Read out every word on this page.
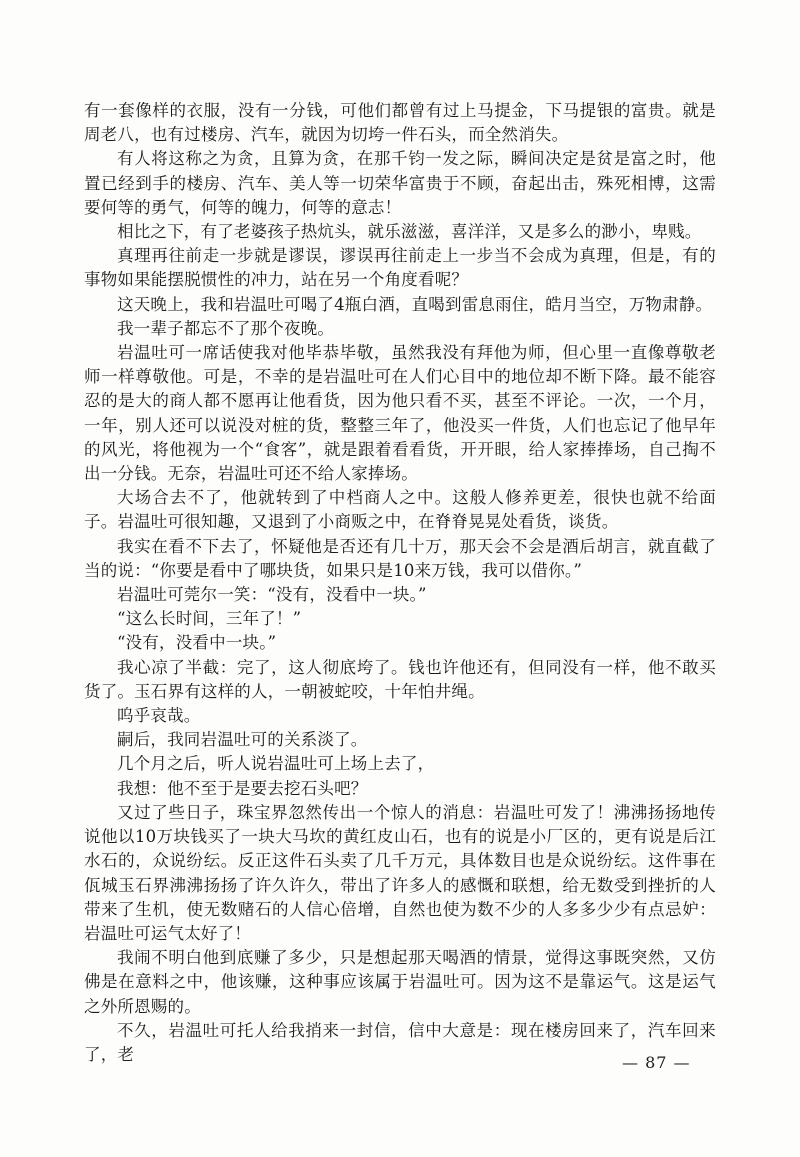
有一套像样的衣服，没有一分钱，可他们都曾有过上马提金，下马提银的富贵。就是周老八，也有过楼房、汽车，就因为切垮一件石头，而全然消失。

有人将这称之为贪，且算为贪，在那千钧一发之际，瞬间决定是贫是富之时，他置已经到手的楼房、汽车、美人等一切荣华富贵于不顾，奋起出击，殊死相博，这需要何等的勇气，何等的魄力，何等的意志！

相比之下，有了老婆孩子热炕头，就乐滋滋，喜洋洋，又是多么的渺小，卑贱。

真理再往前走一步就是谬误，谬误再往前走上一步当不会成为真理，但是，有的事物如果能摆脱惯性的冲力，站在另一个角度看呢？

这天晚上，我和岩温吐可喝了4瓶白酒，直喝到雷息雨住，皓月当空，万物肃静。

我一辈子都忘不了那个夜晚。

岩温吐可一席话使我对他毕恭毕敬，虽然我没有拜他为师，但心里一直像尊敬老师一样尊敬他。可是，不幸的是岩温吐可在人们心目中的地位却不断下降。最不能容忍的是大的商人都不愿再让他看货，因为他只看不买，甚至不评论。一次，一个月，一年，别人还可以说没对桩的货，整整三年了，他没买一件货，人们也忘记了他早年的风光，将他视为一个“食客”，就是跟着看看货，开开眼，给人家捧捧场，自己掏不出一分钱。无奈，岩温吐可还不给人家捧场。

大场合去不了，他就转到了中档商人之中。这般人修养更差，很快也就不给面子。岩温吐可很知趣，又退到了小商贩之中，在脊脊晃晃处看货，谈货。

我实在看不下去了，怀疑他是否还有几十万，那天会不会是酒后胡言，就直截了当的说：“你要是看中了哪块货，如果只是10来万钱，我可以借你。”

岩温吐可莞尔一笑：“没有，没看中一块。”

“这么长时间，三年了！”

“没有，没看中一块。”

我心凉了半截：完了，这人彻底垮了。钱也许他还有，但同没有一样，他不敢买货了。玉石界有这样的人，一朝被蛇咬，十年怕井绳。

呜乎哀哉。

嗣后，我同岩温吐可的关系淡了。

几个月之后，听人说岩温吐可上场上去了，

我想：他不至于是要去挖石头吧？

又过了些日子，珠宝界忽然传出一个惊人的消息：岩温吐可发了！沸沸扬扬地传说他以10万块钱买了一块大马坎的黄红皮山石，也有的说是小厂区的，更有说是后江水石的，众说纷纭。反正这件石头卖了几千万元，具体数目也是众说纷纭。这件事在佤城玉石界沸沸扬扬了许久许久，带出了许多人的感慨和联想，给无数受到挫折的人带来了生机，使无数赌石的人信心倍增，自然也使为数不少的人多多少少有点忌妒：岩温吐可运气太好了！

我闹不明白他到底赚了多少，只是想起那天喝酒的情景，觉得这事既突然，又仿佛是在意料之中，他该赚，这种事应该属于岩温吐可。因为这不是靠运气。这是运气之外所恩赐的。

不久，岩温吐可托人给我捎来一封信，信中大意是：现在楼房回来了，汽车回来了，老	— 87 —
